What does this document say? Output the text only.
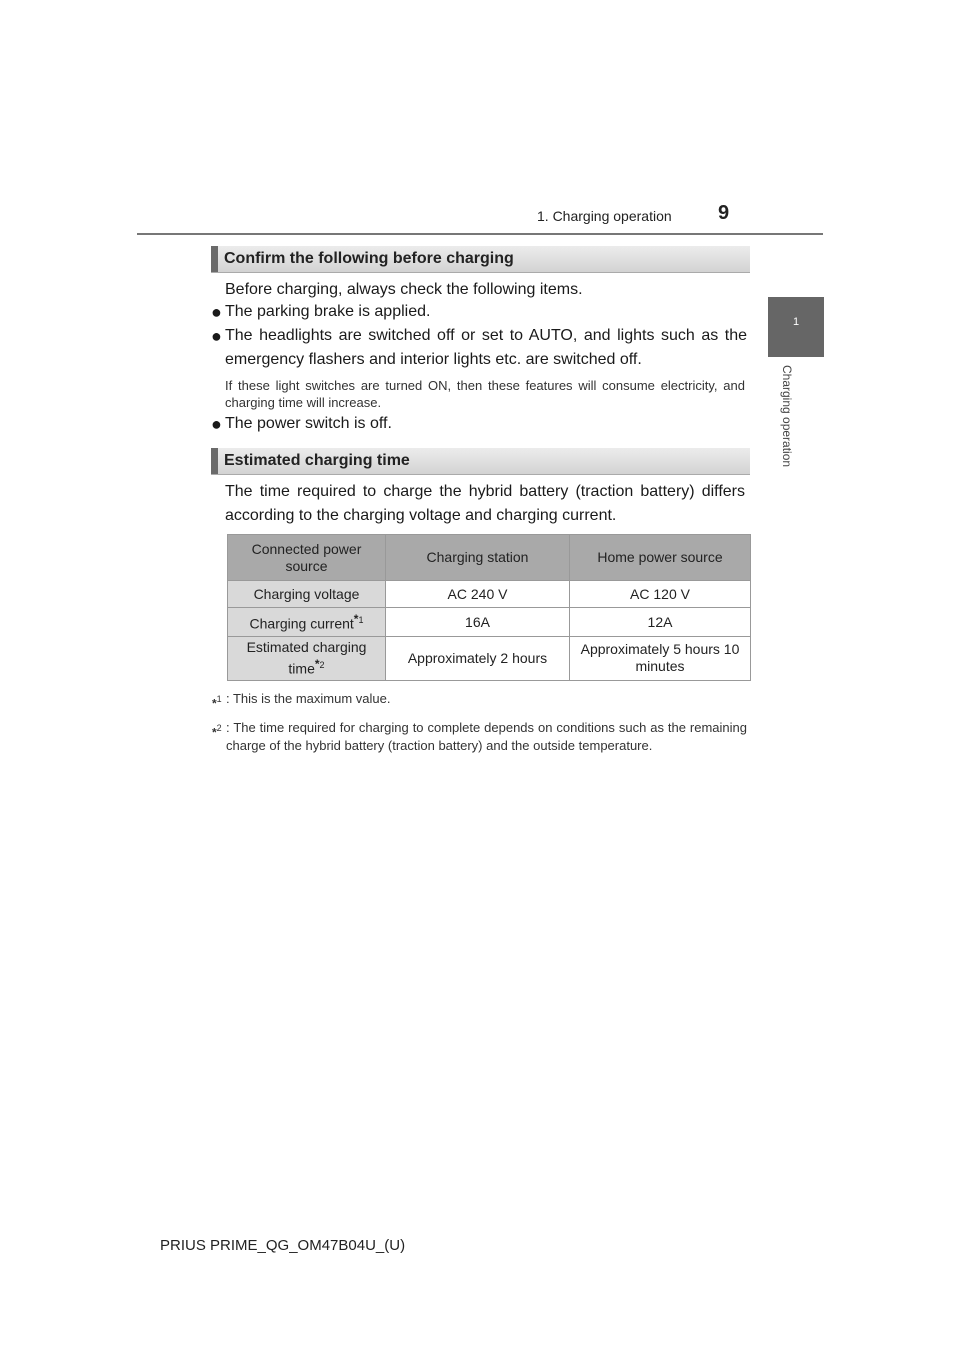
1. Charging operation 9
1
Charging operation
Confirm the following before charging
Before charging, always check the following items.
● The parking brake is applied.
● The headlights are switched off or set to AUTO, and lights such as the emergency flashers and interior lights etc. are switched off.
If these light switches are turned ON, then these features will consume electricity, and charging time will increase.
● The power switch is off.
Estimated charging time
The time required to charge the hybrid battery (traction battery) differs according to the charging voltage and charging current.
Connected power source	Charging station	Home power source
Charging voltage	AC 240 V	AC 120 V
Charging current$^{*1}$	16A	12A
Estimated charging time$^{*2}$	Approximately 2 hours	Approximately 5 hours 10 minutes
*$^1$ : This is the maximum value.
*$^2$ : The time required for charging to complete depends on conditions such as the remaining charge of the hybrid battery (traction battery) and the outside temperature.
PRIUS PRIME_QG_OM47B04U_(U)
